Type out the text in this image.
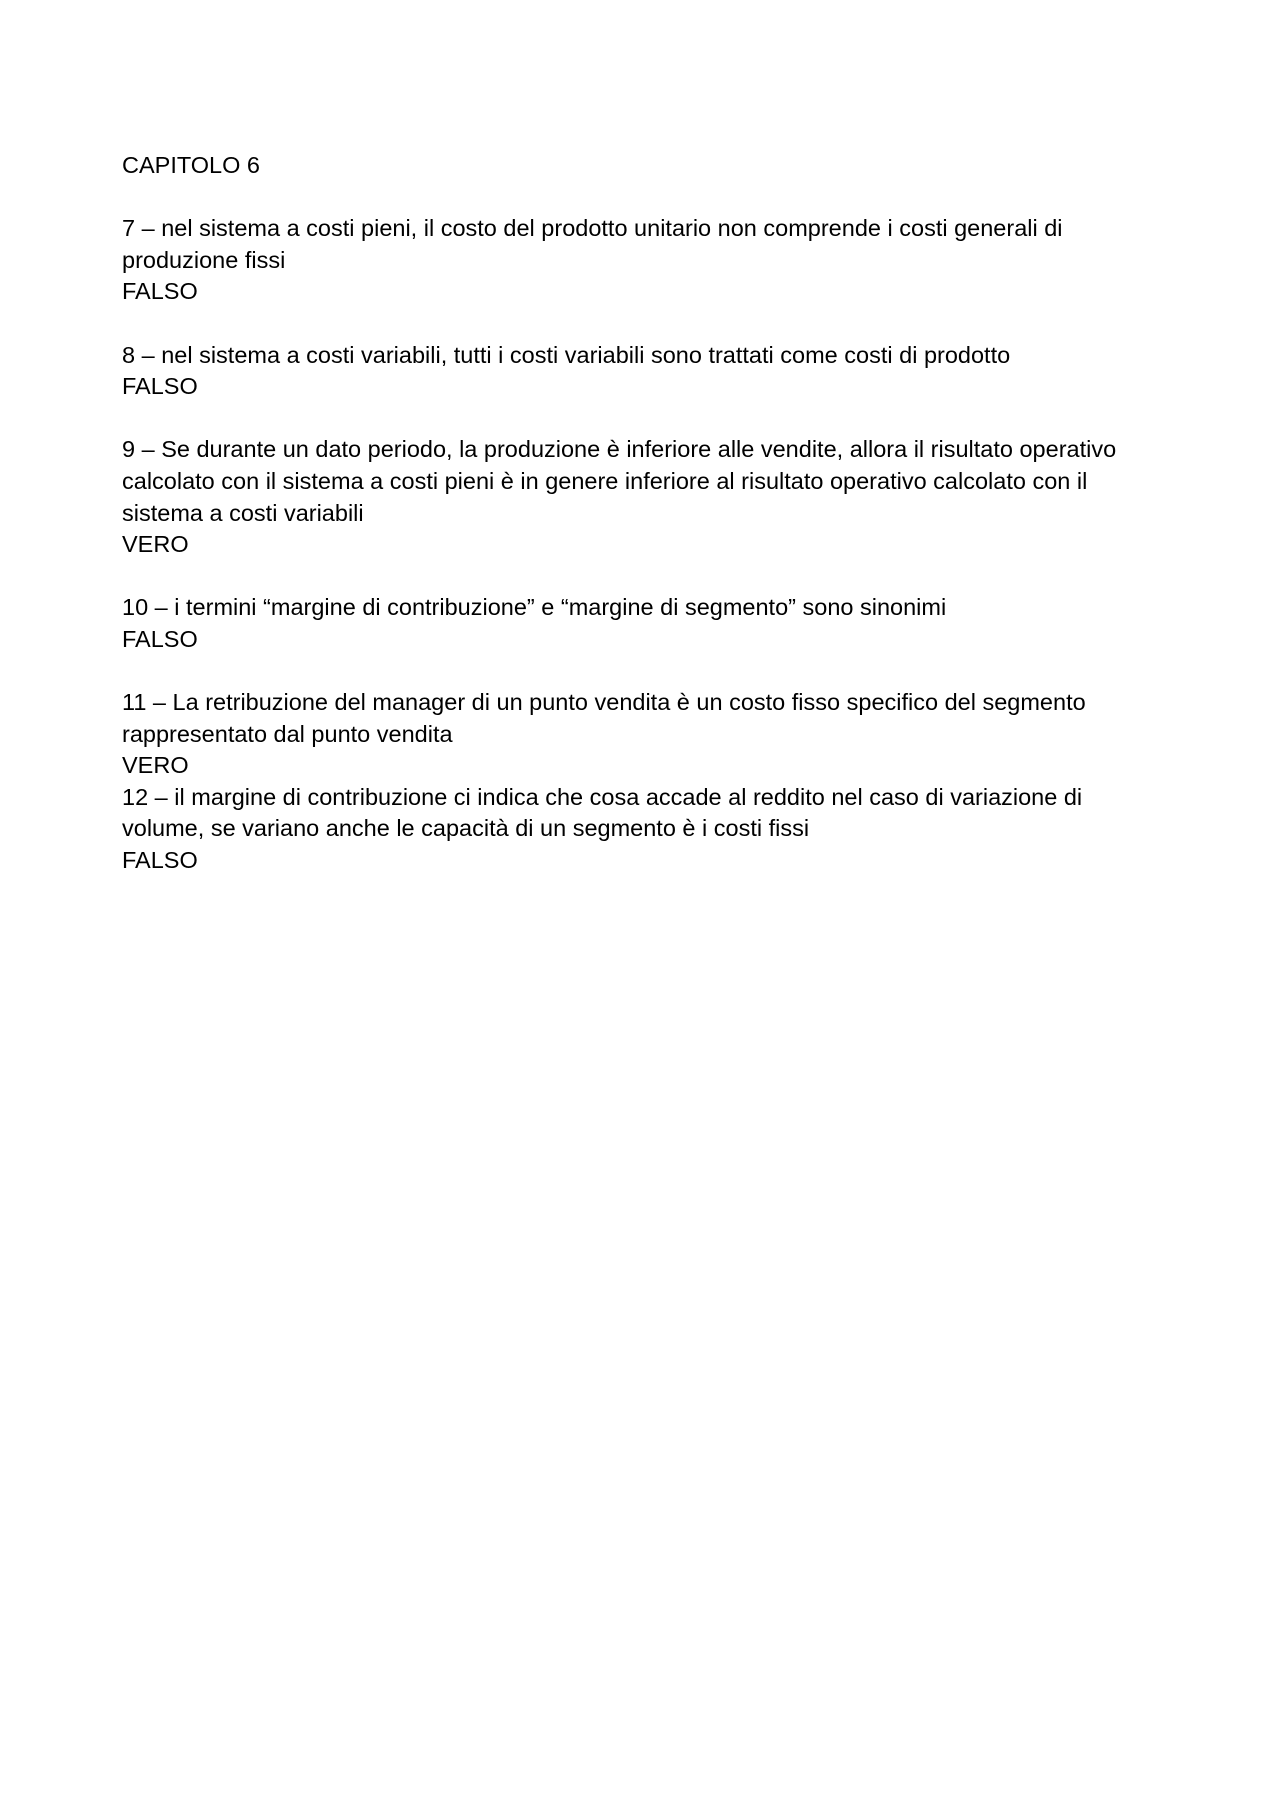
CAPITOLO 6
7 – nel sistema a costi pieni, il costo del prodotto unitario non comprende i costi generali di
produzione fissi
FALSO
8 – nel sistema a costi variabili, tutti i costi variabili sono trattati come costi di prodotto
FALSO
9 – Se durante un dato periodo, la produzione è inferiore alle vendite, allora il risultato operativo
calcolato con il sistema a costi pieni è in genere inferiore al risultato operativo calcolato con il
sistema a costi variabili
VERO
10 – i termini “margine di contribuzione” e “margine di segmento” sono sinonimi
FALSO
11 – La retribuzione del manager di un punto vendita è un costo fisso specifico del segmento
rappresentato dal punto vendita
VERO
12 – il margine di contribuzione ci indica che cosa accade al reddito nel caso di variazione di
volume, se variano anche le capacità di un segmento è i costi fissi
FALSO
